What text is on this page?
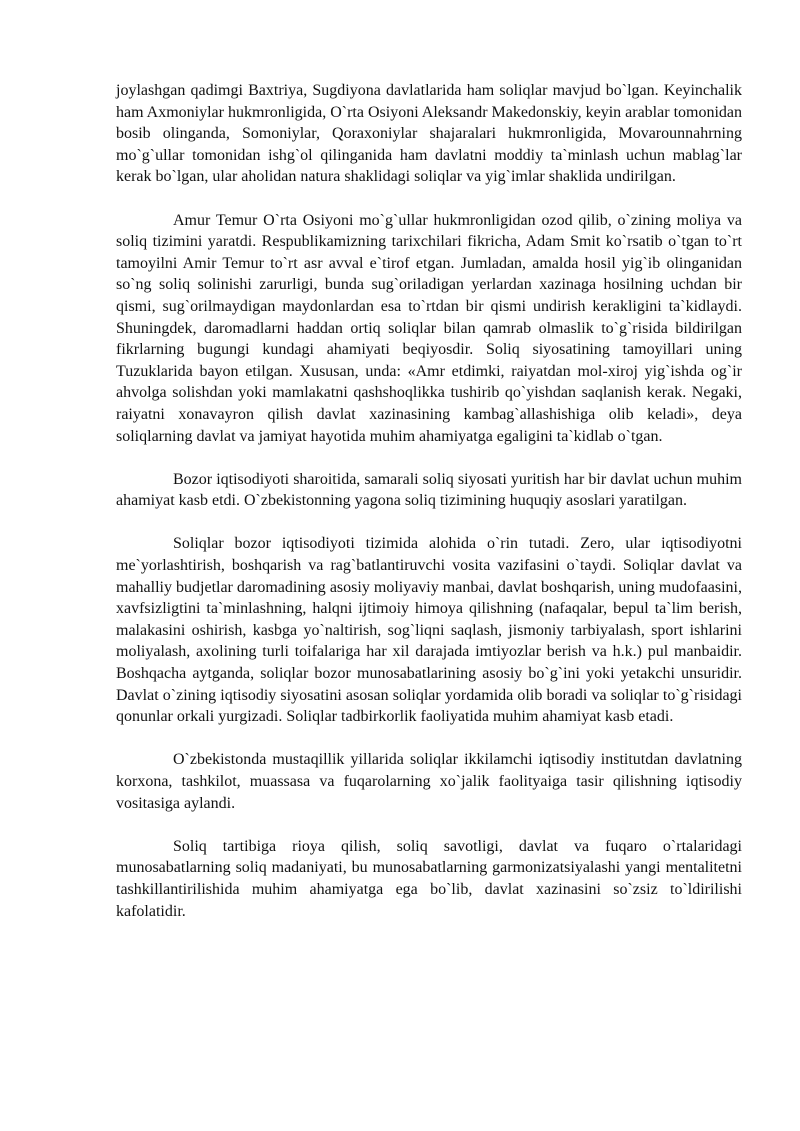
joylashgan qadimgi Baxtriya, Sugdiyona davlatlarida ham soliqlar mavjud bo`lgan. Keyinchalik ham Axmoniylar hukmronligida, O`rta Osiyoni Aleksandr Makedonskiy, keyin arablar tomonidan bosib olinganda, Somoniylar, Qoraxoniylar shajaralari hukmronligida, Movarounnahrning mo`g`ullar tomonidan ishg`ol qilinganida ham davlatni moddiy ta`minlash uchun mablag`lar kerak bo`lgan, ular aholidan natura shaklidagi soliqlar va yig`imlar shaklida undirilgan.

Amur Temur O`rta Osiyoni mo`g`ullar hukmronligidan ozod qilib, o`zining moliya va soliq tizimini yaratdi. Respublikamizning tarixchilari fikricha, Adam Smit ko`rsatib o`tgan to`rt tamoyilni Amir Temur to`rt asr avval e`tirof etgan. Jumladan, amalda hosil yig`ib olinganidan so`ng soliq solinishi zarurligi, bunda sug`oriladigan yerlardan xazinaga hosilning uchdan bir qismi, sug`orilmaydigan maydonlardan esa to`rtdan bir qismi undirish kerakligini ta`kidlaydi. Shuningdek, daromadlarni haddan ortiq soliqlar bilan qamrab olmaslik to`g`risida bildirilgan fikrlarning bugungi kundagi ahamiyati beqiyosdir. Soliq siyosatining tamoyillari uning Tuzuklarida bayon etilgan. Xususan, unda: «Amr etdimki, raiyatdan mol-xiroj yig`ishda og`ir ahvolga solishdan yoki mamlakatni qashshoqlikka tushirib qo`yishdan saqlanish kerak. Negaki, raiyatni xonavayron qilish davlat xazinasining kambag`allashishiga olib keladi», deya soliqlarning davlat va jamiyat hayotida muhim ahamiyatga egaligini ta`kidlab o`tgan.

Bozor iqtisodiyoti sharoitida, samarali soliq siyosati yuritish har bir davlat uchun muhim ahamiyat kasb etdi. O`zbekistonning yagona soliq tizimining huquqiy asoslari yaratilgan.

Soliqlar bozor iqtisodiyoti tizimida alohida o`rin tutadi. Zero, ular iqtisodiyotni me`yorlashtirish, boshqarish va rag`batlantiruvchi vosita vazifasini o`taydi. Soliqlar davlat va mahalliy budjetlar daromadining asosiy moliyaviy manbai, davlat boshqarish, uning mudofaasini, xavfsizligtini ta`minlashning, halqni ijtimoiy himoya qilishning (nafaqalar, bepul ta`lim berish, malakasini oshirish, kasbga yo`naltirish, sog`liqni saqlash, jismoniy tarbiyalash, sport ishlarini moliyalash, axolining turli toifalariga har xil darajada imtiyozlar berish va h.k.) pul manbaidir. Boshqacha aytganda, soliqlar bozor munosabatlarining asosiy bo`g`ini yoki yetakchi unsuridir. Davlat o`zining iqtisodiy siyosatini asosan soliqlar yordamida olib boradi va soliqlar to`g`risidagi qonunlar orkali yurgizadi. Soliqlar tadbirkorlik faoliyatida muhim ahamiyat kasb etadi.

O`zbekistonda mustaqillik yillarida soliqlar ikkilamchi iqtisodiy institutdan davlatning korxona, tashkilot, muassasa va fuqarolarning xo`jalik faolityaiga tasir qilishning iqtisodiy vositasiga aylandi.

Soliq tartibiga rioya qilish, soliq savotligi, davlat va fuqaro o`rtalaridagi munosabatlarning soliq madaniyati, bu munosabatlarning garmonizatsiyalashi yangi mentalitetni tashkillantirilishida muhim ahamiyatga ega bo`lib, davlat xazinasini so`zsiz to`ldirilishi kafolatidir.
